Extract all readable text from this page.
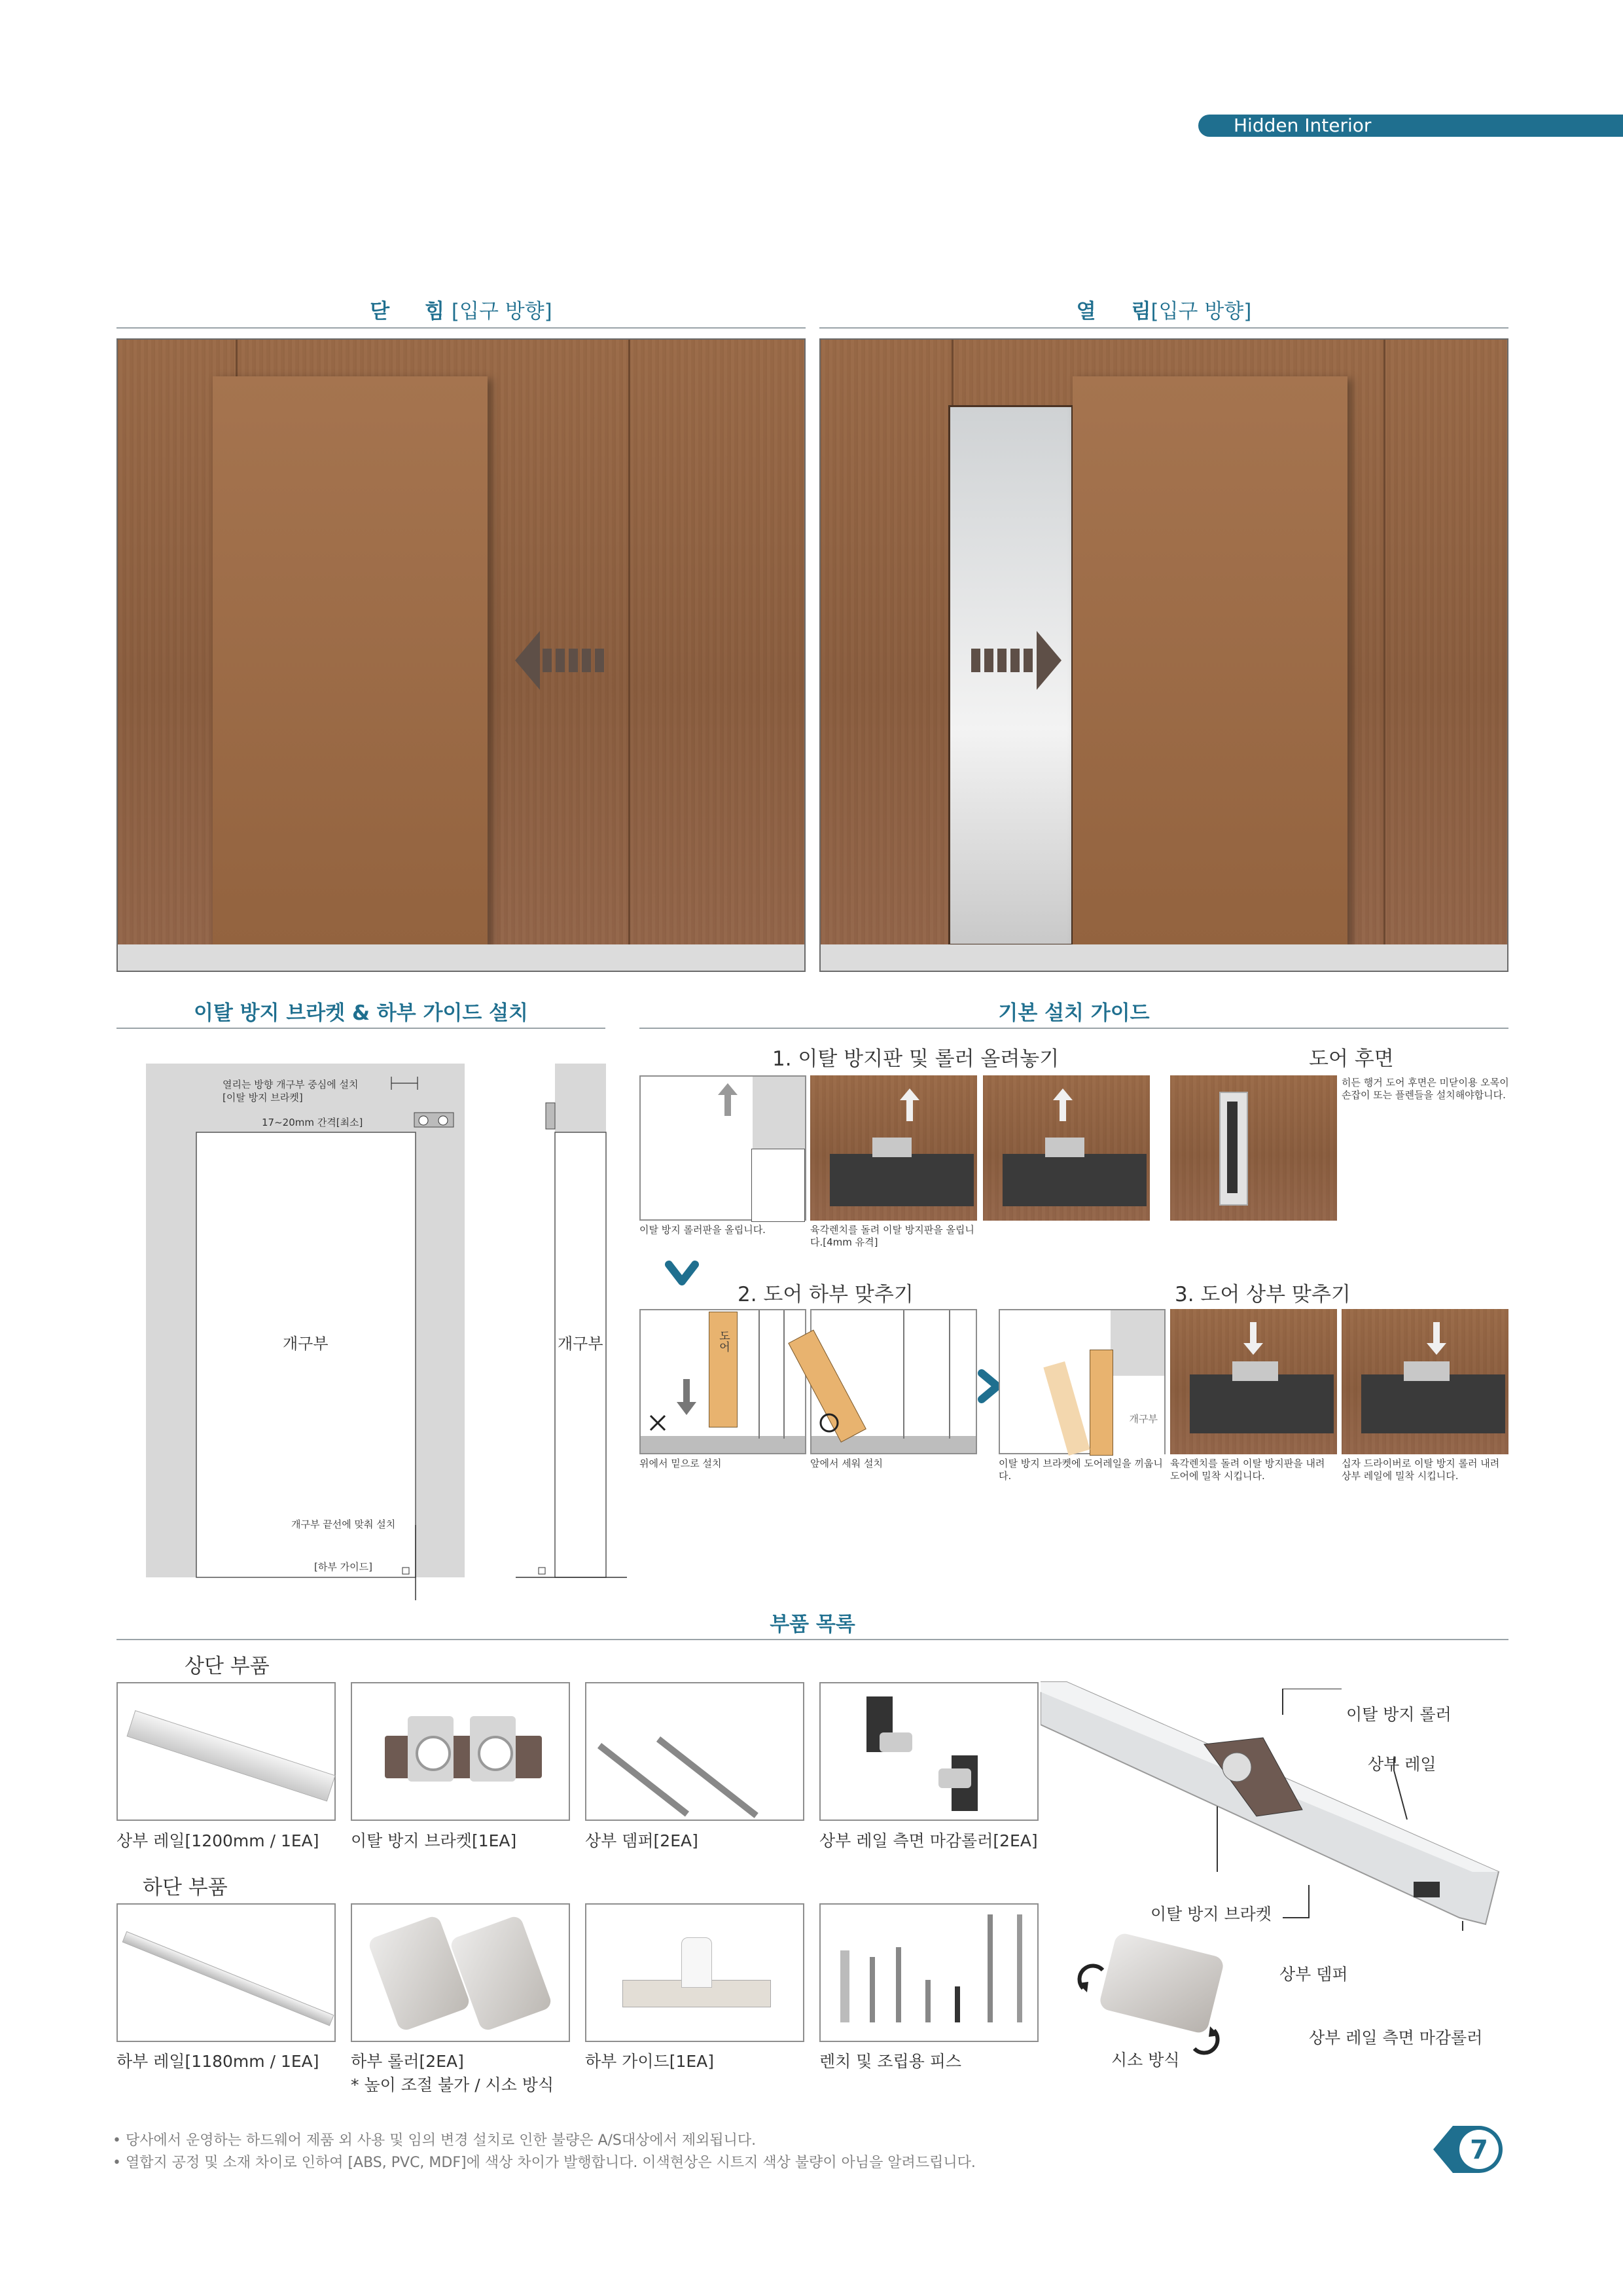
Hidden Interior
닫 힘 [입구 방향]	열 림[입구 방향]
이탈 방지 브라켓 & 하부 가이드 설치	기본 설치 가이드
열리는 방향 개구부 중심에 설치
[이탈 방지 브라켓]
17~20mm 간격[최소]
개구부	개구부
개구부 끝선에 맞춰 설치
[하부 가이드]
1. 이탈 방지판 및 롤러 올려놓기	도어 후면
히든 행거 도어 후면은 미닫이용 오목이 손잡이 또는 플렌들을 설치해야합니다.
이탈 방지 롤러판을 올립니다.	육각렌치를 돌려 이탈 방지판을 올립니다.[4mm 유격]
2. 도어 하부 맞추기	3. 도어 상부 맞추기
도어
개구부
위에서 밑으로 설치	앞에서 세워 설치	이탈 방지 브라켓에 도어레일을 끼웁니다.
육각렌치를 돌려 이탈 방지판을 내려 도어에 밀착 시킵니다.
십자 드라이버로 이탈 방지 롤러 내려 상부 레일에 밀착 시킵니다.
부품 목록
상단 부품
하단 부품
상부 레일[1200mm / 1EA] 이탈 방지 브라켓[1EA]	상부 뎀퍼[2EA]	상부 레일 측면 마감롤러[2EA]
하부 레일[1180mm / 1EA] 하부 롤러[2EA]
* 높이 조절 불가 / 시소 방식
하부 가이드[1EA]	렌치 및 조립용 피스
이탈 방지 롤러
상부 레일
이탈 방지 브라켓
상부 뎀퍼
상부 레일 측면 마감롤러
시소 방식
• 당사에서 운영하는 하드웨어 제품 외 사용 및 임의 변경 설치로 인한 불량은 A/S대상에서 제외됩니다.
• 열합지 공정 및 소재 차이로 인하여 [ABS, PVC, MDF]에 색상 차이가 발행합니다. 이색현상은 시트지 색상 불량이 아님을 알려드립니다.	7
